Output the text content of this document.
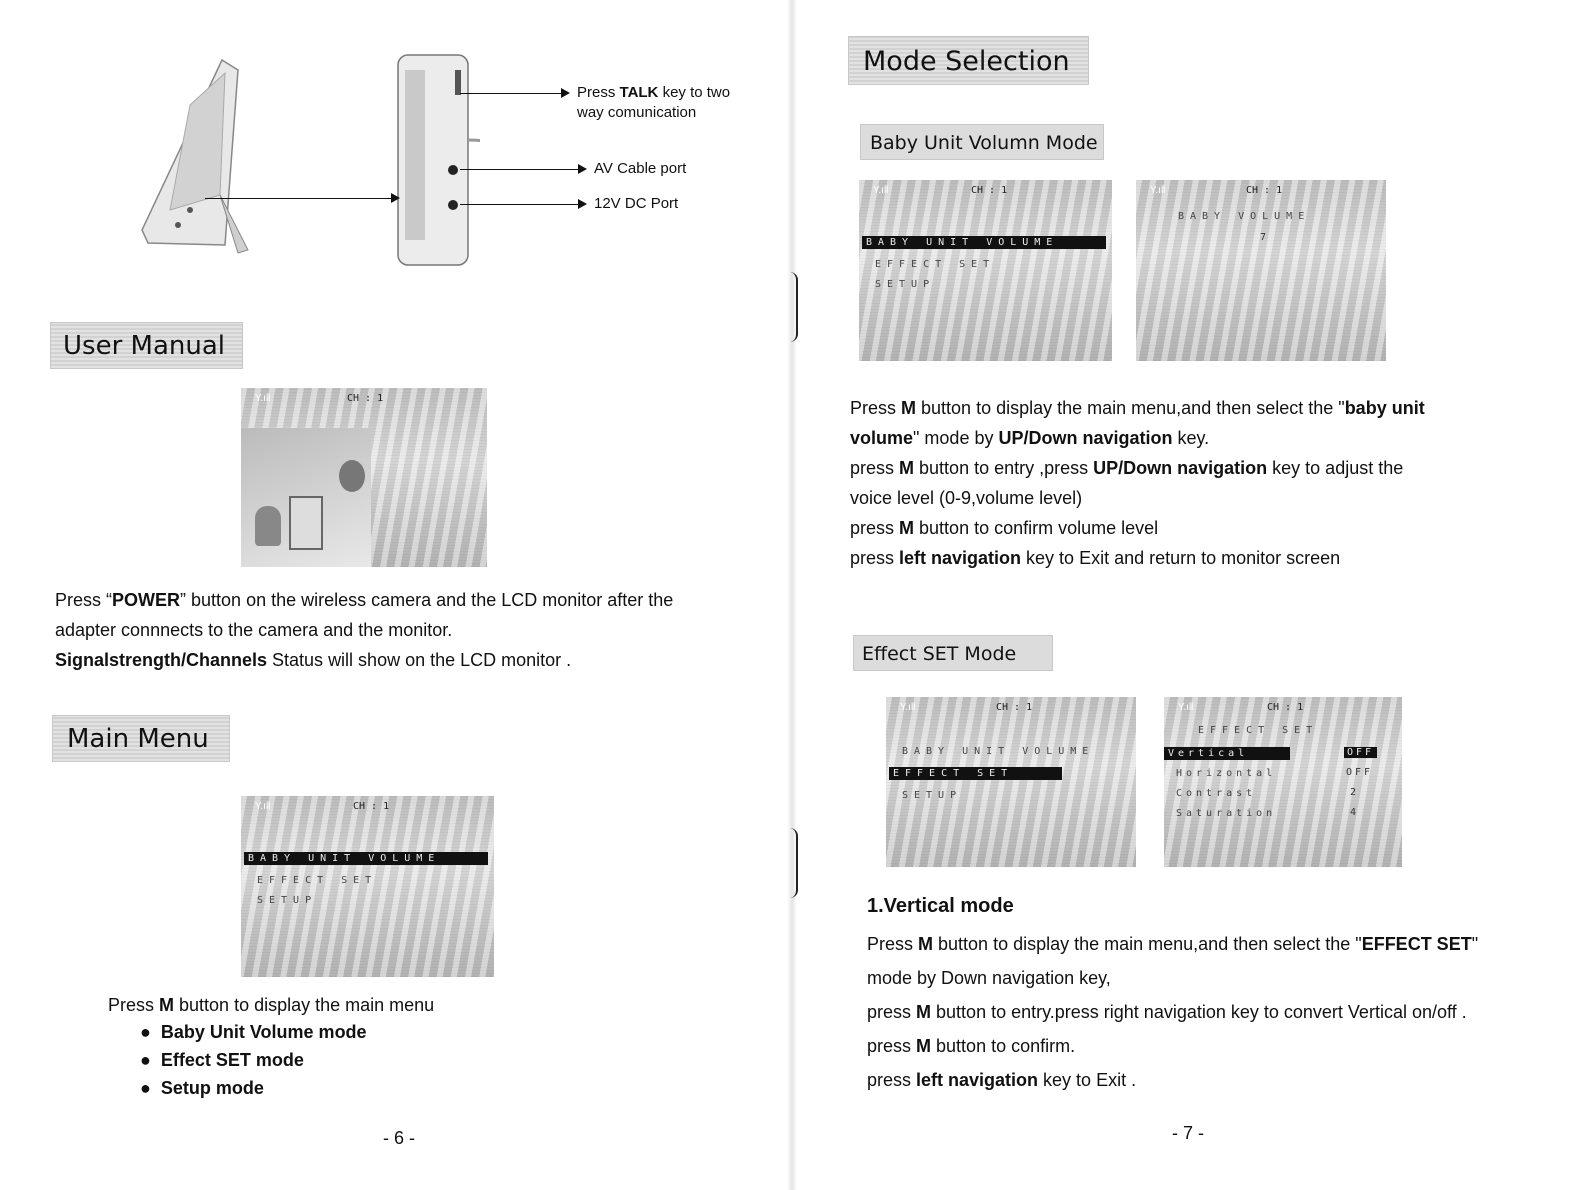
Press TALK key to two
way comunication
AV Cable port
12V DC Port
User Manual
Y.ıll	CH : 1

Press “POWER” button on the wireless camera and the LCD monitor after the
adapter connnects to the camera and the monitor.
Signalstrength/Channels Status will show on the LCD monitor .

Main Menu
Y.ıll	CH : 1
BABY UNIT VOLUME
EFFECT SET
SETUP

Press M button to display the main menu

● Baby Unit Volume mode
● Effect SET mode
● Setup mode
- 6 -
Mode Selection
Baby Unit Volumn Mode
Y.ıll	CH : 1
BABY UNIT VOLUME
EFFECT SET
SETUP
Y.ıll	CH : 1
BABY VOLUME
7

Press M button to display the main menu,and then select the "baby unit
volume" mode by UP/Down navigation key.
press M button to entry ,press UP/Down navigation key to adjust the
voice level (0-9,volume level)
press M button to confirm volume level
press left navigation key to Exit and return to monitor screen

Effect SET Mode
Y.ıll	CH : 1
BABY UNIT VOLUME
EFFECT SET
SETUP
Y.ıll	CH : 1
EFFECT SET
Vertical	OFF
Horizontal	OFF
Contrast	2
Saturation	4
1.Vertical mode

Press M button to display the main menu,and then select the "EFFECT SET"
mode by Down navigation key,
press M button to entry.press right navigation key to convert Vertical on/off .
press M button to confirm.
press left navigation key to Exit .

- 7 -
